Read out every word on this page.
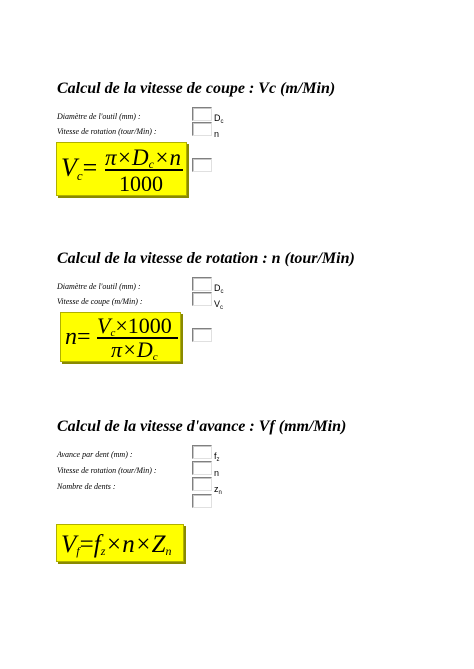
Calcul de la vitesse de coupe : Vc (m/Min)
Diamètre de l'outil (mm) :	$D_c$
Vitesse de rotation (tour/Min) :	n
Vc= π×Dc×n
1000
Calcul de la vitesse de rotation : n (tour/Min)
Diamètre de l'outil (mm) :	$D_c$
Vitesse de coupe (m/Min) :	$V_c$
n= Vc×1000
π×Dc
Calcul de la vitesse d'avance : Vf (mm/Min)
Avance par dent (mm) :	$f_z$
Vitesse de rotation (tour/Min) :	n
Nombre de dents :	$z_n$
Vf=fz×n×Zn
